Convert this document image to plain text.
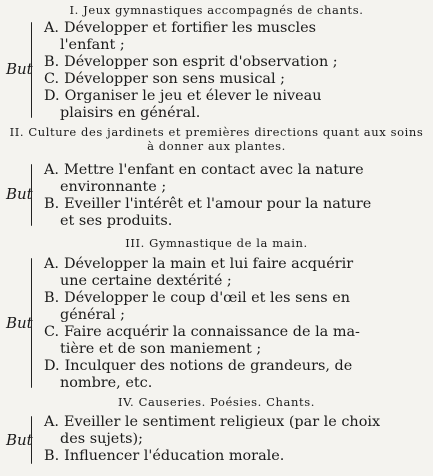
I. Jeux gymnastiques accompagnés de chants.
But
A. Développer et fortifier les muscles
l'enfant ;
B. Développer son esprit d'observation ;
C. Développer son sens musical ;
D. Organiser le jeu et élever le niveau
plaisirs en général.
II. Culture des jardinets et premières directions quant aux soins à donner aux plantes.
But
A. Mettre l'enfant en contact avec la nature
environnante ;
B. Eveiller l'intérêt et l'amour pour la nature
et ses produits.
III. Gymnastique de la main.
But
A. Développer la main et lui faire acquérir
une certaine dextérité ;
B. Développer le coup d'œil et les sens en
général ;
C. Faire acquérir la connaissance de la ma-
tière et de son maniement ;
D. Inculquer des notions de grandeurs, de
nombre, etc.
IV. Causeries. Poésies. Chants.
But
A. Eveiller le sentiment religieux (par le choix
des sujets);
B. Influencer l'éducation morale.
